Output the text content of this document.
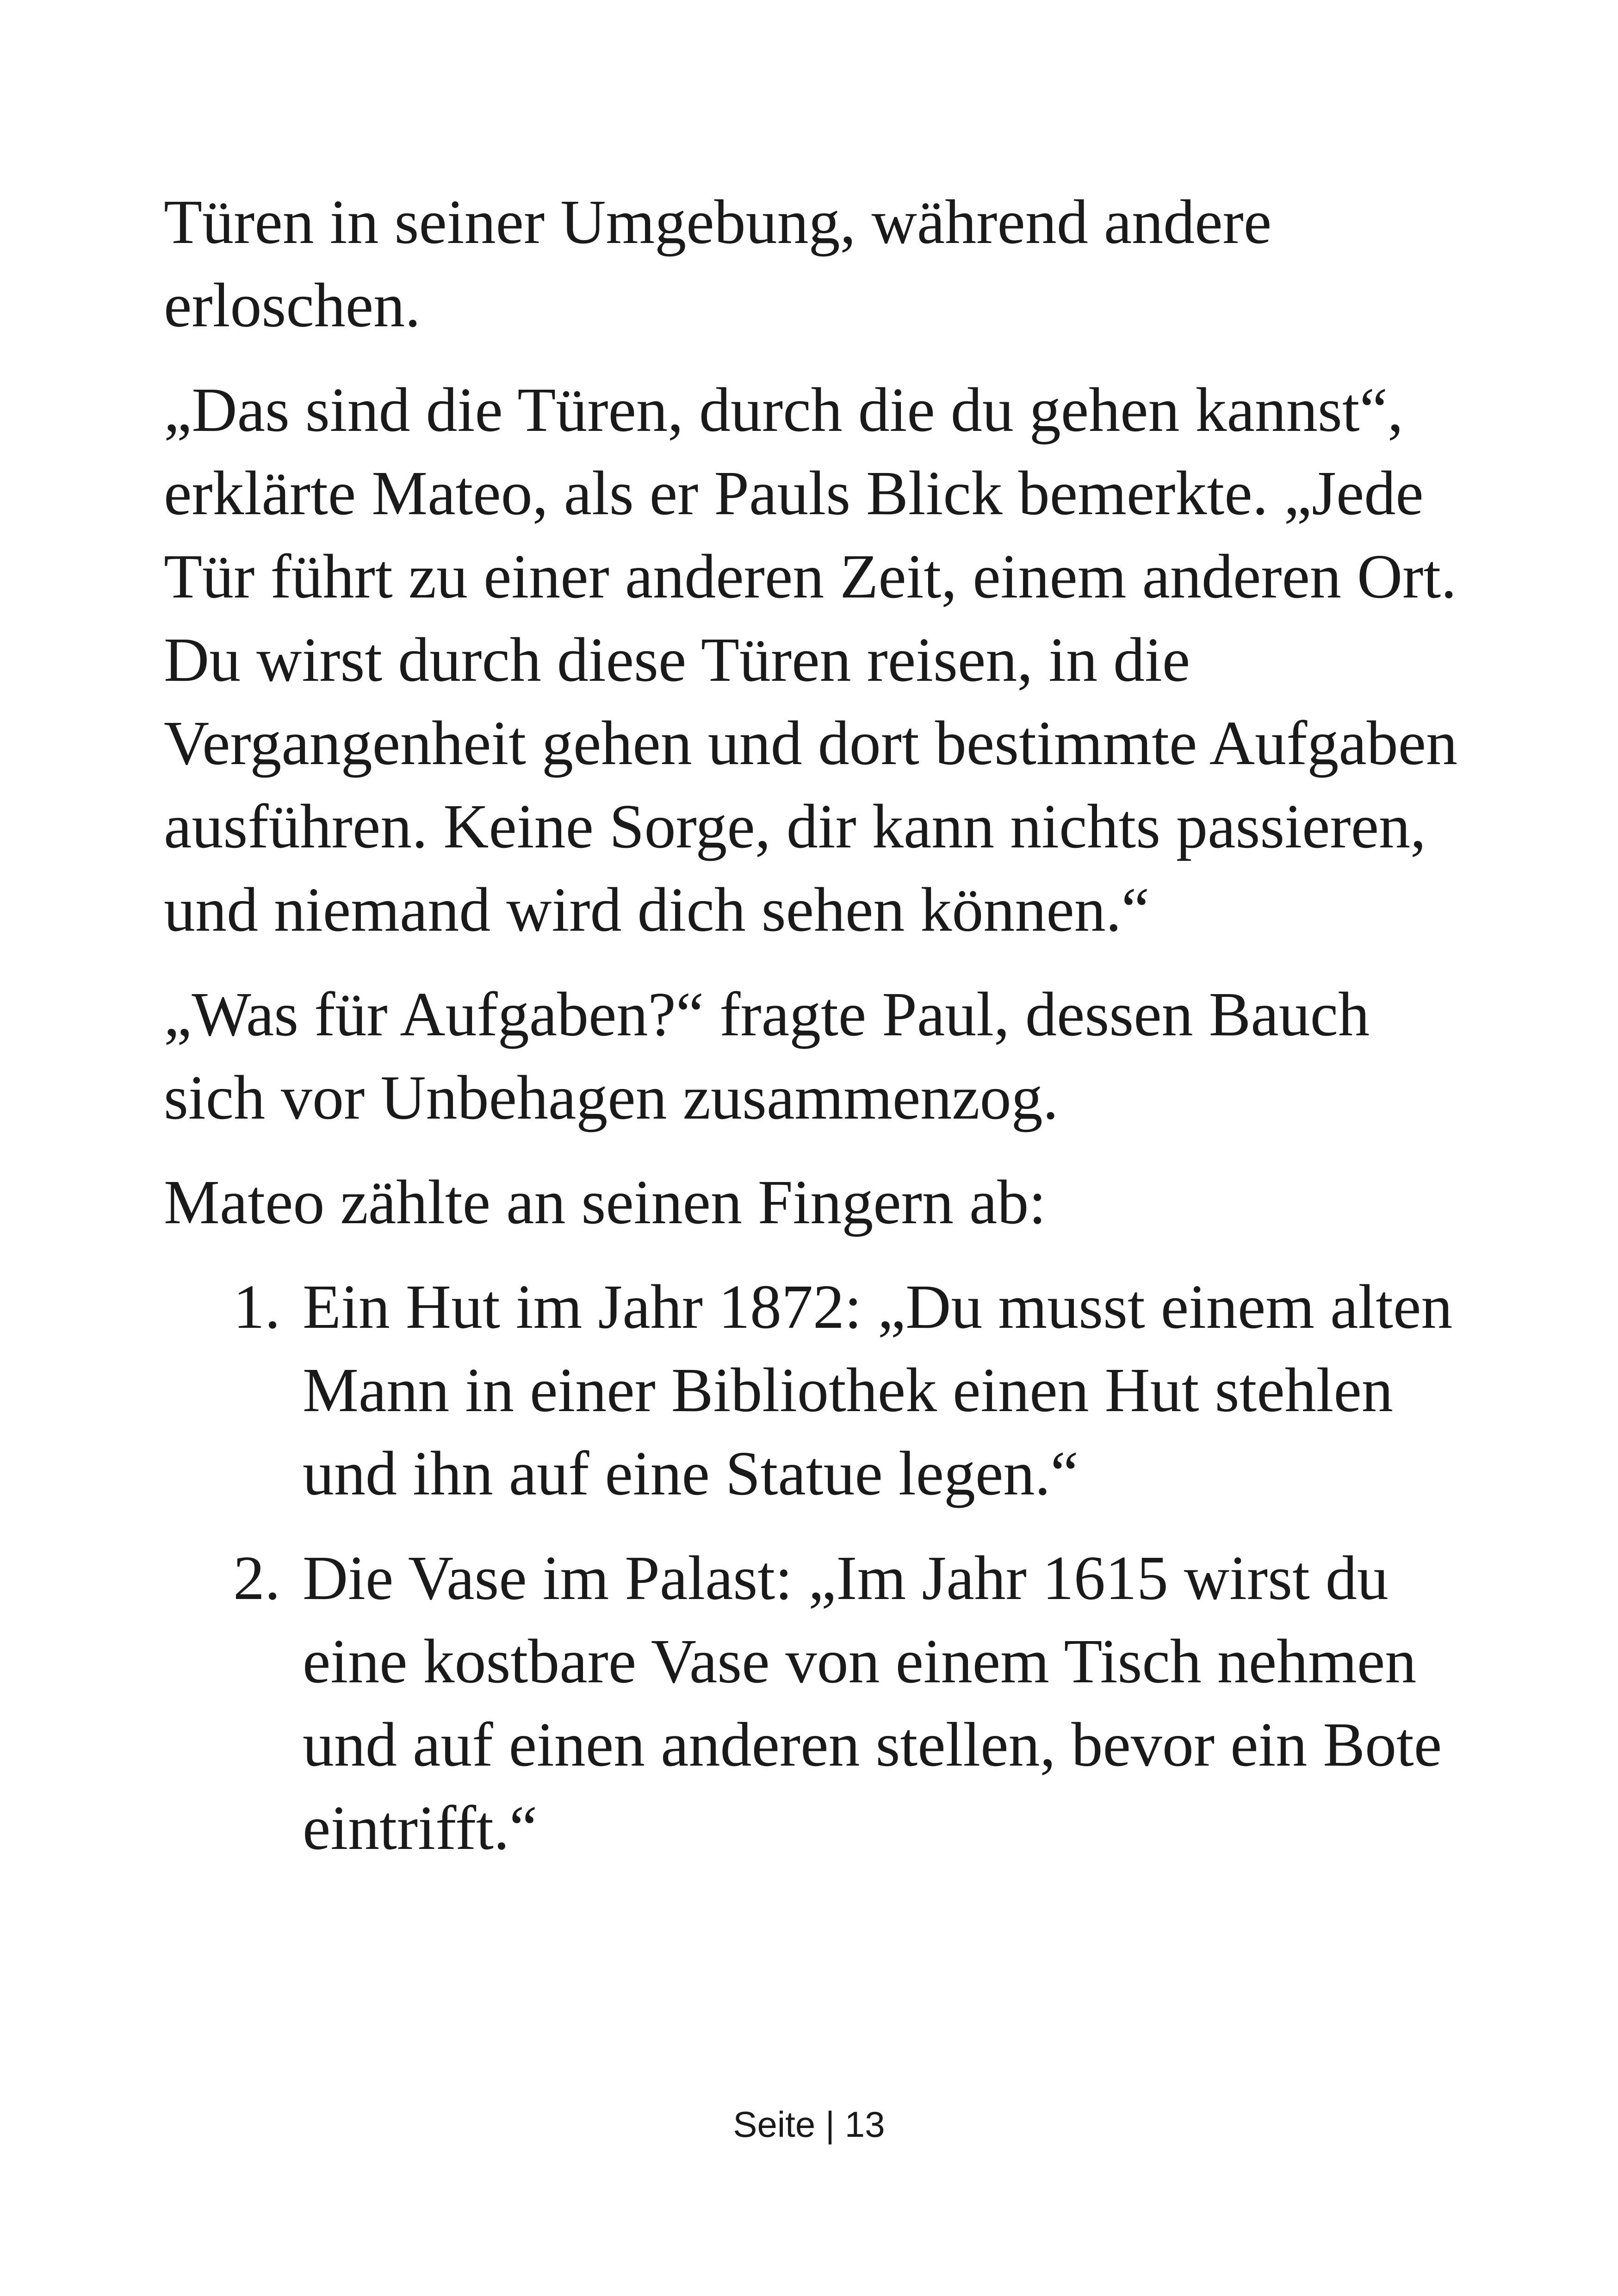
Türen in seiner Umgebung, während andere erloschen.

„Das sind die Türen, durch die du gehen kannst“, erklärte Mateo, als er Pauls Blick bemerkte. „Jede Tür führt zu einer anderen Zeit, einem anderen Ort. Du wirst durch diese Türen reisen, in die Vergangenheit gehen und dort bestimmte Aufgaben ausführen. Keine Sorge, dir kann nichts passieren, und niemand wird dich sehen können.“

„Was für Aufgaben?“ fragte Paul, dessen Bauch sich vor Unbehagen zusammenzog.

Mateo zählte an seinen Fingern ab:

1. Ein Hut im Jahr 1872: „Du musst einem alten Mann in einer Bibliothek einen Hut stehlen und ihn auf eine Statue legen.“
2. Die Vase im Palast: „Im Jahr 1615 wirst du eine kostbare Vase von einem Tisch nehmen und auf einen anderen stellen, bevor ein Bote eintrifft.“
Seite | 13
